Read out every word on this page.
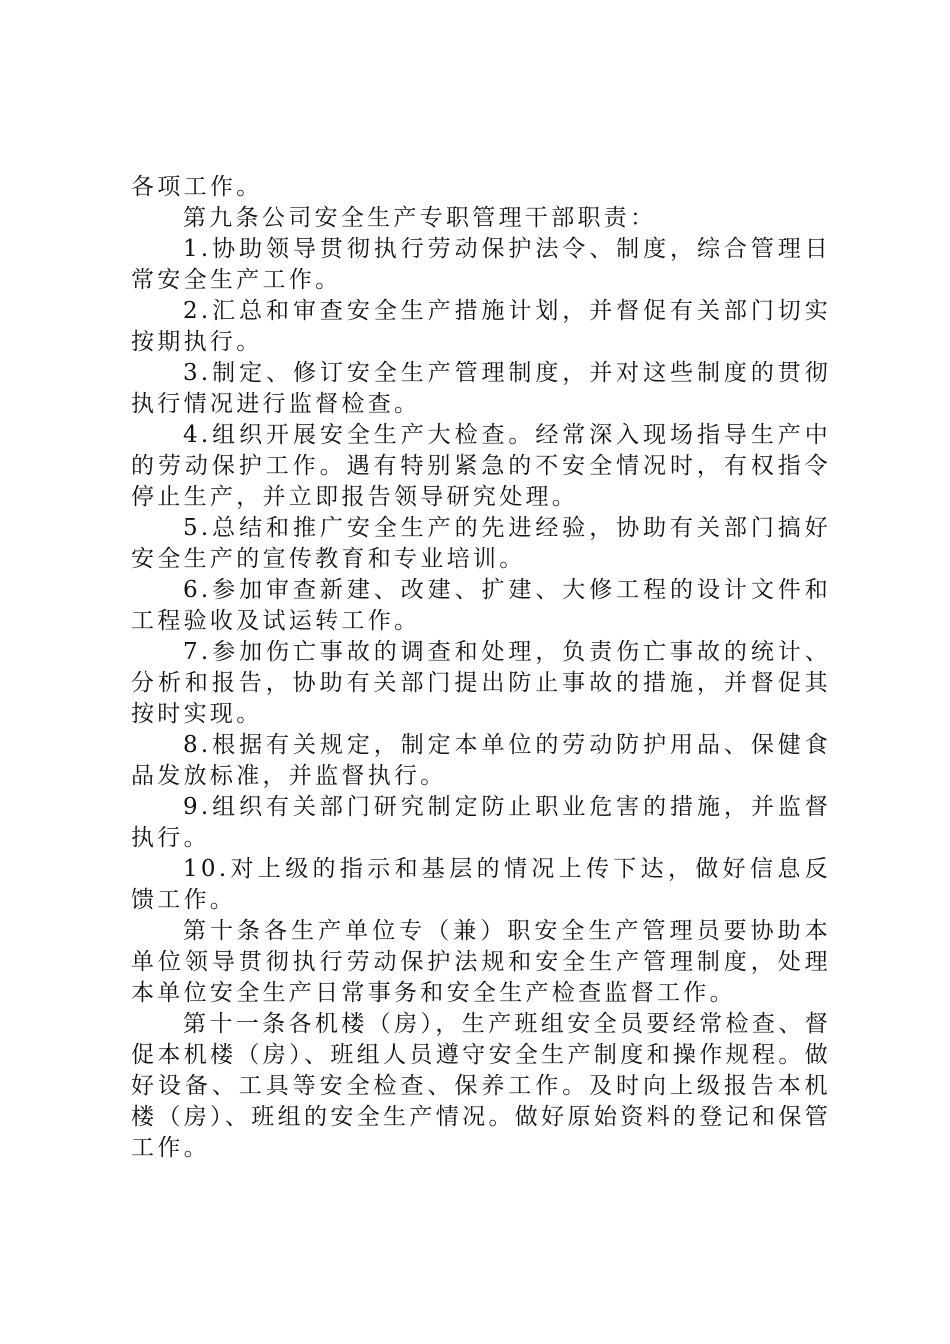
各项工作。

第九条公司安全生产专职管理干部职责：

1.协助领导贯彻执行劳动保护法令、制度，综合管理日常安全生产工作。

2.汇总和审查安全生产措施计划，并督促有关部门切实按期执行。

3.制定、修订安全生产管理制度，并对这些制度的贯彻执行情况进行监督检查。

4.组织开展安全生产大检查。经常深入现场指导生产中的劳动保护工作。遇有特别紧急的不安全情况时，有权指令停止生产，并立即报告领导研究处理。

5.总结和推广安全生产的先进经验，协助有关部门搞好安全生产的宣传教育和专业培训。

6.参加审查新建、改建、扩建、大修工程的设计文件和工程验收及试运转工作。

7.参加伤亡事故的调查和处理，负责伤亡事故的统计、分析和报告，协助有关部门提出防止事故的措施，并督促其按时实现。

8.根据有关规定，制定本单位的劳动防护用品、保健食品发放标准，并监督执行。

9.组织有关部门研究制定防止职业危害的措施，并监督执行。

10.对上级的指示和基层的情况上传下达，做好信息反馈工作。

第十条各生产单位专（兼）职安全生产管理员要协助本单位领导贯彻执行劳动保护法规和安全生产管理制度，处理本单位安全生产日常事务和安全生产检查监督工作。

第十一条各机楼（房），生产班组安全员要经常检查、督促本机楼（房）、班组人员遵守安全生产制度和操作规程。做好设备、工具等安全检查、保养工作。及时向上级报告本机楼（房）、班组的安全生产情况。做好原始资料的登记和保管工作。
